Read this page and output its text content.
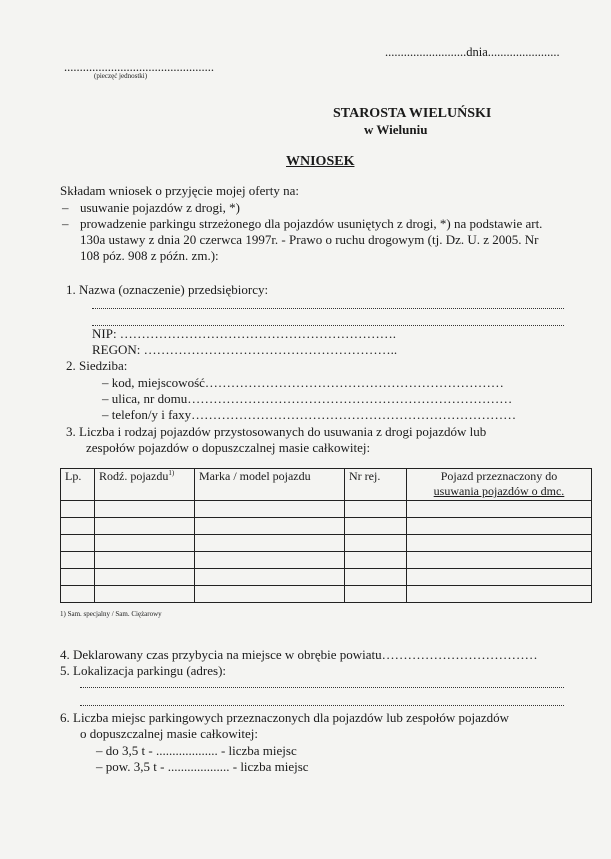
..........................dnia.......................
................................................
(pieczęć jednostki)
STAROSTA WIELUŃSKI
w Wieluniu
WNIOSEK
Składam wniosek o przyjęcie mojej oferty na:
– usuwanie pojazdów z drogi, *)
– prowadzenie parkingu strzeżonego dla pojazdów usuniętych z drogi, *) na podstawie art.
130a ustawy z dnia 20 czerwca 1997r. - Prawo o ruchu drogowym (tj. Dz. U. z 2005. Nr
108 póz. 908 z późn. zm.):
1. Nazwa (oznaczenie) przedsiębiorcy:
NIP: ……………………………………………………….
REGON: …………………………………………………..
2. Siedziba:
– kod, miejscowość……………………………………………………………
– ulica, nr domu…………………………………………………………………
– telefon/y i faxy…………………………………………………………………
3. Liczba i rodzaj pojazdów przystosowanych do usuwania z drogi pojazdów lub
zespołów pojazdów o dopuszczalnej masie całkowitej:
Lp.	Rodź. pojazdu$^{1)}$	Marka / model pojazdu	Nr rej.	Pojazd przeznaczony do
usuwania pojazdów o dmc.

1) Sam. specjalny / Sam. Ciężarowy
4. Deklarowany czas przybycia na miejsce w obrębie powiatu………………………………
5. Lokalizacja parkingu (adres):
6. Liczba miejsc parkingowych przeznaczonych dla pojazdów lub zespołów pojazdów
o dopuszczalnej masie całkowitej:
– do 3,5 t - ................... - liczba miejsc
– pow. 3,5 t - ................... - liczba miejsc
